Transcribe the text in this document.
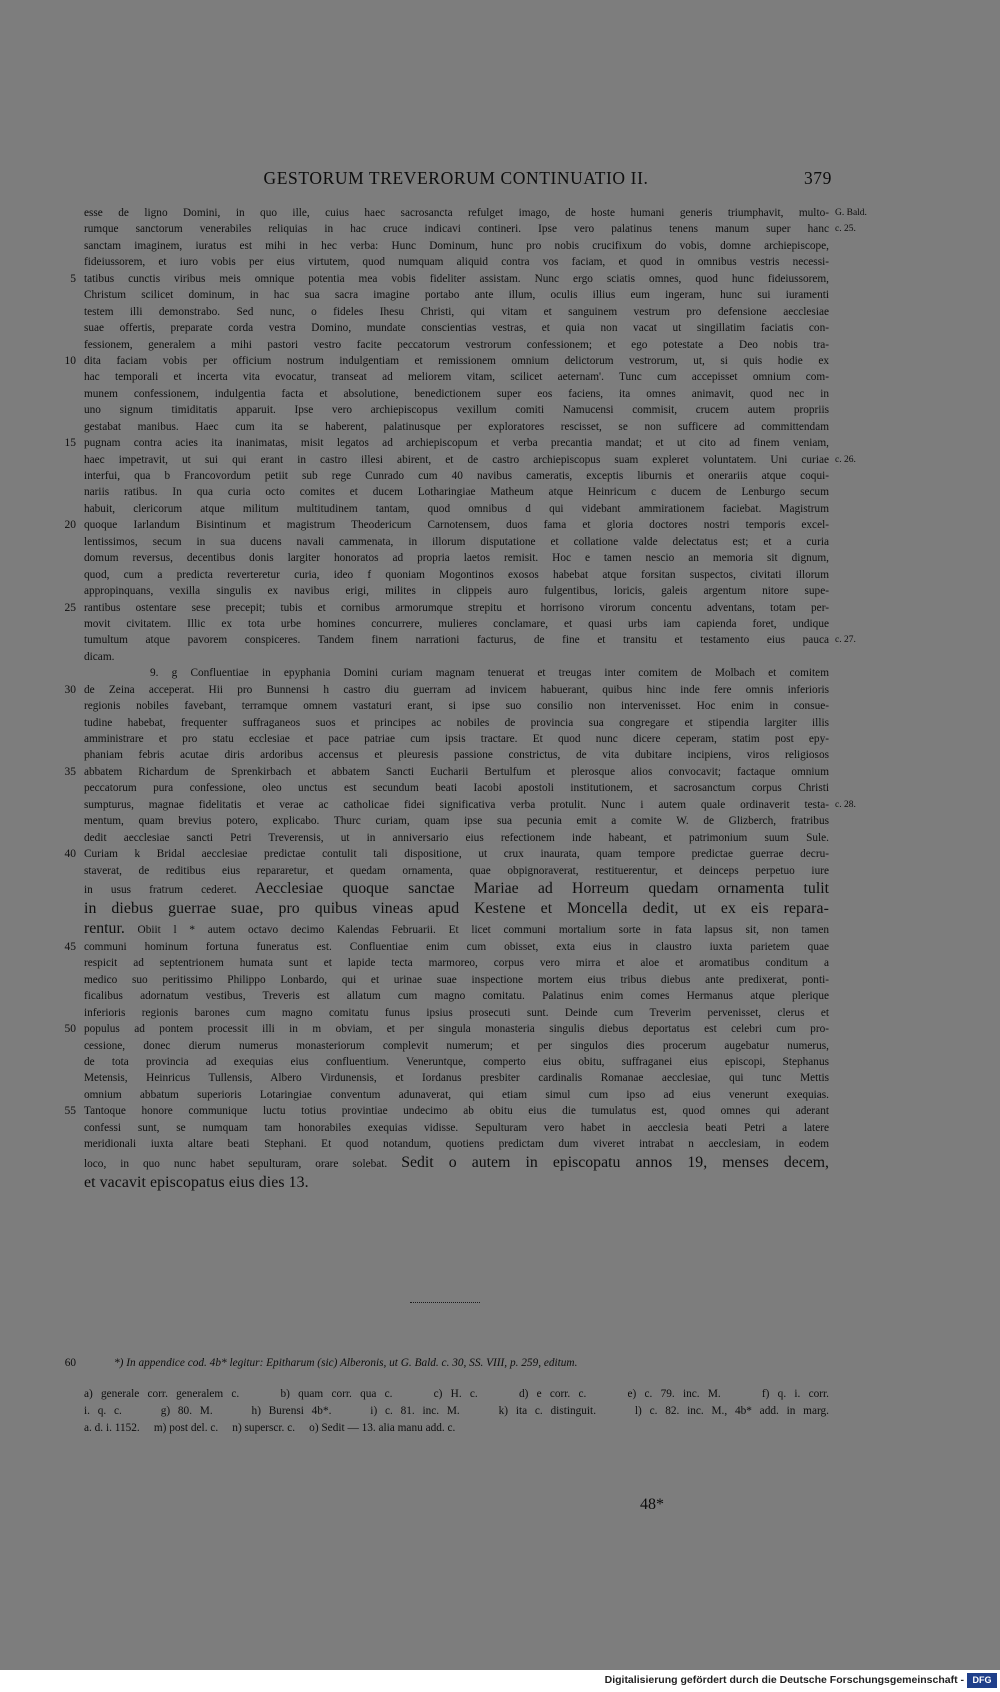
GESTORUM TREVERORUM CONTINUATIO II.	379
esse de ligno Domini, in quo ille, cuius haec sacrosancta refulget imago, de hoste humani generis triumphavit, multo- G. Bald.
rumque sanctorum venerabiles reliquias in hac cruce indicavi contineri. Ipse vero palatinus tenens manum super hanc c. 25.
sanctam imaginem, iuratus est mihi in hec verba: Hunc Dominum, hunc pro nobis crucifixum do vobis, domne archiepiscope,
fideiussorem, et iuro vobis per eius virtutem, quod numquam aliquid contra vos faciam, et quod in omnibus vestris necessi-
5 tatibus cunctis viribus meis omnique potentia mea vobis fideliter assistam. Nunc ergo sciatis omnes, quod hunc fideiussorem,
Christum scilicet dominum, in hac sua sacra imagine portabo ante illum, oculis illius eum ingeram, hunc sui iuramenti
testem illi demonstrabo. Sed nunc, o fideles Ihesu Christi, qui vitam et sanguinem vestrum pro defensione aecclesiae
suae offertis, preparate corda vestra Domino, mundate conscientias vestras, et quia non vacat ut singillatim faciatis con-
fessionem, generalem a mihi pastori vestro facite peccatorum vestrorum confessionem; et ego potestate a Deo nobis tra-
10 dita faciam vobis per officium nostrum indulgentiam et remissionem omnium delictorum vestrorum, ut, si quis hodie ex
hac temporali et incerta vita evocatur, transeat ad meliorem vitam, scilicet aeternam'. Tunc cum accepisset omnium com-
munem confessionem, indulgentia facta et absolutione, benedictionem super eos faciens, ita omnes animavit, quod nec in
uno signum timiditatis apparuit. Ipse vero archiepiscopus vexillum comiti Namucensi commisit, crucem autem propriis
gestabat manibus. Haec cum ita se haberent, palatinusque per exploratores rescisset, se non sufficere ad committendam
15 pugnam contra acies ita inanimatas, misit legatos ad archiepiscopum et verba precantia mandat; et ut cito ad finem veniam,
haec impetravit, ut sui qui erant in castro illesi abirent, et de castro archiepiscopus suam expleret voluntatem. Uni curiae c. 26.
interfui, qua b Francovordum petiit sub rege Cunrado cum 40 navibus cameratis, exceptis liburnis et onerariis atque coqui-
nariis ratibus. In qua curia octo comites et ducem Lotharingiae Matheum atque Heinricum c ducem de Lenburgo secum
habuit, clericorum atque militum multitudinem tantam, quod omnibus d qui videbant ammirationem faciebat. Magistrum
20 quoque Iarlandum Bisintinum et magistrum Theodericum Carnotensem, duos fama et gloria doctores nostri temporis excel-
lentissimos, secum in sua ducens navali cammenata, in illorum disputatione et collatione valde delectatus est; et a curia
domum reversus, decentibus donis largiter honoratos ad propria laetos remisit. Hoc e tamen nescio an memoria sit dignum,
quod, cum a predicta reverteretur curia, ideo f quoniam Mogontinos exosos habebat atque forsitan suspectos, civitati illorum
appropinquans, vexilla singulis ex navibus erigi, milites in clippeis auro fulgentibus, loricis, galeis argentum nitore supe-
25 rantibus ostentare sese precepit; tubis et cornibus armorumque strepitu et horrisono virorum concentu adventans, totam per-
movit civitatem. Illic ex tota urbe homines concurrere, mulieres conclamare, et quasi urbs iam capienda foret, undique
tumultum atque pavorem conspiceres. Tandem finem narrationi facturus, de fine et transitu et testamento eius pauca c. 27.
dicam.
9. g Confluentiae in epyphania Domini curiam magnam tenuerat et treugas inter comitem de Molbach et comitem
30 de Zeina acceperat. Hii pro Bunnensi h castro diu guerram ad invicem habuerant, quibus hinc inde fere omnis inferioris
regionis nobiles favebant, terramque omnem vastaturi erant, si ipse suo consilio non intervenisset. Hoc enim in consue-
tudine habebat, frequenter suffraganeos suos et principes ac nobiles de provincia sua congregare et stipendia largiter illis
amministrare et pro statu ecclesiae et pace patriae cum ipsis tractare. Et quod nunc dicere ceperam, statim post epy-
phaniam febris acutae diris ardoribus accensus et pleuresis passione constrictus, de vita dubitare incipiens, viros religiosos
35 abbatem Richardum de Sprenkirbach et abbatem Sancti Eucharii Bertulfum et plerosque alios convocavit; factaque omnium
peccatorum pura confessione, oleo unctus est secundum beati Iacobi apostoli institutionem, et sacrosanctum corpus Christi
sumpturus, magnae fidelitatis et verae ac catholicae fidei significativa verba protulit. Nunc i autem quale ordinaverit testa- c. 28.
mentum, quam brevius potero, explicabo. Thurc curiam, quam ipse sua pecunia emit a comite W. de Glizberch, fratribus
dedit aecclesiae sancti Petri Treverensis, ut in anniversario eius refectionem inde habeant, et patrimonium suum Sule.
40 Curiam k Bridal aecclesiae predictae contulit tali dispositione, ut crux inaurata, quam tempore predictae guerrae decru-
staverat, de reditibus eius repararetur, et quedam ornamenta, quae obpignoraverat, restituerentur, et deinceps perpetuo iure
in usus fratrum cederet. Aecclesiae quoque sanctae Mariae ad Horreum quedam ornamenta tulit
in diebus guerrae suae, pro quibus vineas apud Kestene et Moncella dedit, ut ex eis repara-
rentur. Obiit l * autem octavo decimo Kalendas Februarii. Et licet communi mortalium sorte in fata lapsus sit, non tamen
45 communi hominum fortuna funeratus est. Confluentiae enim cum obisset, exta eius in claustro iuxta parietem quae
respicit ad septentrionem humata sunt et lapide tecta marmoreo, corpus vero mirra et aloe et aromatibus conditum a
medico suo peritissimo Philippo Lonbardo, qui et urinae suae inspectione mortem eius tribus diebus ante predixerat, ponti-
ficalibus adornatum vestibus, Treveris est allatum cum magno comitatu. Palatinus enim comes Hermanus atque plerique
inferioris regionis barones cum magno comitatu funus ipsius prosecuti sunt. Deinde cum Treverim pervenisset, clerus et
50 populus ad pontem processit illi in m obviam, et per singula monasteria singulis diebus deportatus est celebri cum pro-
cessione, donec dierum numerus monasteriorum complevit numerum; et per singulos dies procerum augebatur numerus,
de tota provincia ad exequias eius confluentium. Veneruntque, comperto eius obitu, suffraganei eius episcopi, Stephanus
Metensis, Heinricus Tullensis, Albero Virdunensis, et Iordanus presbiter cardinalis Romanae aecclesiae, qui tunc Mettis
omnium abbatum superioris Lotaringiae conventum adunaverat, qui etiam simul cum ipso ad eius venerunt exequias.
55 Tantoque honore communique luctu totius provintiae undecimo ab obitu eius die tumulatus est, quod omnes qui aderant
confessi sunt, se numquam tam honorabiles exequias vidisse. Sepulturam vero habet in aecclesia beati Petri a latere
meridionali iuxta altare beati Stephani. Et quod notandum, quotiens predictam dum viveret intrabat n aecclesiam, in eodem
loco, in quo nunc habet sepulturam, orare solebat. Sedit o autem in episcopatu annos 19, menses decem,
et vacavit episcopatus eius dies 13.
60	*) In appendice cod. 4b* legitur: Epitharum (sic) Alberonis, ut G. Bald. c. 30, SS. VIII, p. 259, editum.
a) generale corr. generalem c.     b) quam corr. qua c.     c) H. c.     d) e corr. c.     e) c. 79. inc. M.     f) q. i. corr.
i. q. c.     g) 80. M.     h) Burensi 4b*.     i) c. 81. inc. M.     k) ita c. distinguit.     l) c. 82. inc. M., 4b* add. in marg.
a. d. i. 1152.     m) post del. c.     n) superscr. c.     o) Sedit — 13. alia manu add. c.
48*
Digitalisierung gefördert durch die Deutsche Forschungsgemeinschaft - DFG
